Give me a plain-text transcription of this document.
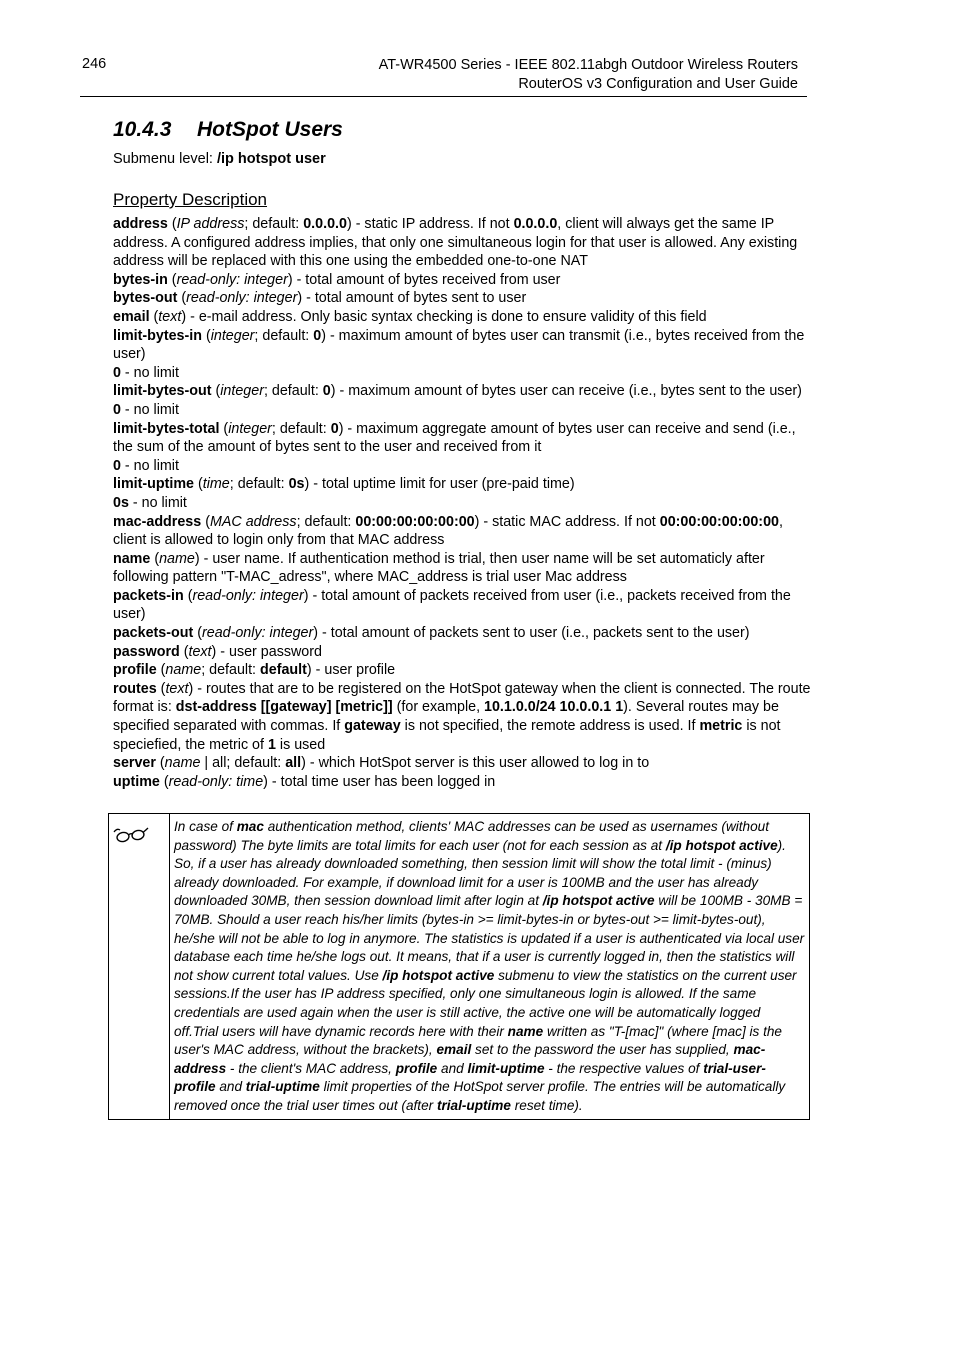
246	AT-WR4500 Series - IEEE 802.11abgh Outdoor Wireless Routers
RouterOS v3 Configuration and User Guide
10.4.3 HotSpot Users
Submenu level: /ip hotspot user
Property Description

address (IP address; default: 0.0.0.0) - static IP address. If not 0.0.0.0, client will always get the same IP address. A configured address implies, that only one simultaneous login for that user is allowed. Any existing address will be replaced with this one using the embedded one-to-one NAT

bytes-in (read-only: integer) - total amount of bytes received from user

bytes-out (read-only: integer) - total amount of bytes sent to user

email (text) - e-mail address. Only basic syntax checking is done to ensure validity of this field

limit-bytes-in (integer; default: 0) - maximum amount of bytes user can transmit (i.e., bytes received from the user)

0 - no limit

limit-bytes-out (integer; default: 0) - maximum amount of bytes user can receive (i.e., bytes sent to the user)

0 - no limit

limit-bytes-total (integer; default: 0) - maximum aggregate amount of bytes user can receive and send (i.e., the sum of the amount of bytes sent to the user and received from it

0 - no limit

limit-uptime (time; default: 0s) - total uptime limit for user (pre-paid time)

0s - no limit

mac-address (MAC address; default: 00:00:00:00:00:00) - static MAC address. If not 00:00:00:00:00:00, client is allowed to login only from that MAC address

name (name) - user name. If authentication method is trial, then user name will be set automaticly after following pattern "T-MAC_adress", where MAC_address is trial user Mac address

packets-in (read-only: integer) - total amount of packets received from user (i.e., packets received from the user)

packets-out (read-only: integer) - total amount of packets sent to user (i.e., packets sent to the user)

password (text) - user password

profile (name; default: default) - user profile

routes (text) - routes that are to be registered on the HotSpot gateway when the client is connected. The route format is: dst-address [[gateway] [metric]] (for example, 10.1.0.0/24 10.0.0.1 1). Several routes may be specified separated with commas. If gateway is not specified, the remote address is used. If metric is not speciefied, the metric of 1 is used

server (name | all; default: all) - which HotSpot server is this user allowed to log in to

uptime (read-only: time) - total time user has been logged in

In case of mac authentication method, clients' MAC addresses can be used as usernames (without password) The byte limits are total limits for each user (not for each session as at /ip hotspot active). So, if a user has already downloaded something, then session limit will show the total limit - (minus) already downloaded. For example, if download limit for a user is 100MB and the user has already downloaded 30MB, then session download limit after login at /ip hotspot active will be 100MB - 30MB = 70MB. Should a user reach his/her limits (bytes-in >= limit-bytes-in or bytes-out >= limit-bytes-out), he/she will not be able to log in anymore. The statistics is updated if a user is authenticated via local user database each time he/she logs out. It means, that if a user is currently logged in, then the statistics will not show current total values. Use /ip hotspot active submenu to view the statistics on the current user sessions.If the user has IP address specified, only one simultaneous login is allowed. If the same credentials are used again when the user is still active, the active one will be automatically logged off.Trial users will have dynamic records here with their name written as "T-[mac]" (where [mac] is the user's MAC address, without the brackets), email set to the password the user has supplied, mac-address - the client's MAC address, profile and limit-uptime - the respective values of trial-user-profile and trial-uptime limit properties of the HotSpot server profile. The entries will be automatically removed once the trial user times out (after trial-uptime reset time).
